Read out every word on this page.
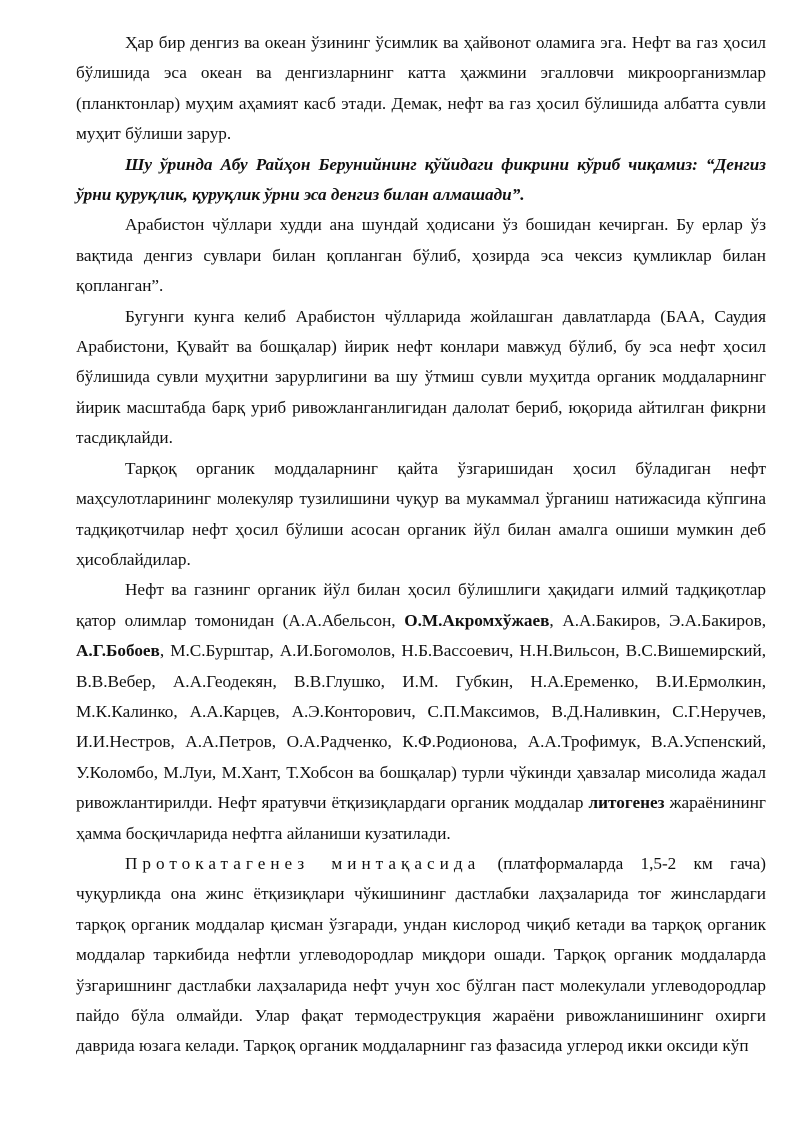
Ҳар бир денгиз ва океан ўзининг ўсимлик ва ҳайвонот оламига эга. Нефт ва газ ҳосил бўлишида эса океан ва денгизларнинг катта ҳажмини эгалловчи микроорганизмлар (планктонлар) муҳим аҳамият касб этади. Демак, нефт ва газ ҳосил бўлишида албатта сувли муҳит бўлиши зарур.

Шу ўринда Абу Райҳон Берунийнинг қўйидаги фикрини кўриб чиқамиз: “Денгиз ўрни қуруқлик, қуруқлик ўрни эса денгиз билан алмашади”.

Арабистон чўллари худди ана шундай ҳодисани ўз бошидан кечирган. Бу ерлар ўз вақтида денгиз сувлари билан қопланган бўлиб, ҳозирда эса чексиз қумликлар билан қопланган”.

Бугунги кунга келиб Арабистон чўлларида жойлашган давлатларда (БАА, Саудия Арабистони, Қувайт ва бошқалар) йирик нефт конлари мавжуд бўлиб, бу эса нефт ҳосил бўлишида сувли муҳитни зарурлигини ва шу ўтмиш сувли муҳитда органик моддаларнинг йирик масштабда барқ уриб ривожланганлигидан далолат бериб, юқорида айтилган фикрни тасдиқлайди.

Тарқоқ органик моддаларнинг қайта ўзгаришидан ҳосил бўладиган нефт маҳсулотларининг молекуляр тузилишини чуқур ва мукаммал ўрганиш натижасида кўпгина тадқиқотчилар нефт ҳосил бўлиши асосан органик йўл билан амалга ошиши мумкин деб ҳисоблайдилар.

Нефт ва газнинг органик йўл билан ҳосил бўлишлиги ҳақидаги илмий тадқиқотлар қатор олимлар томонидан (А.А.Абельсон, О.М.Акромхўжаев, А.А.Бакиров, Э.А.Бакиров, А.Г.Бобоев, М.С.Бурштар, А.И.Богомолов, Н.Б.Вассоевич, Н.Н.Вильсон, В.С.Вишемирский, В.В.Вебер, А.А.Геодекян, В.В.Глушко, И.М. Губкин, Н.А.Еременко, В.И.Ермолкин, М.К.Калинко, А.А.Карцев, А.Э.Конторович, С.П.Максимов, В.Д.Наливкин, С.Г.Неручев, И.И.Нестров, А.А.Петров, О.А.Радченко, К.Ф.Родионова, А.А.Трофимук, В.А.Успенский, У.Коломбо, М.Луи, М.Хант, Т.Хобсон ва бошқалар) турли чўкинди ҳавзалар мисолида жадал ривожлантирилди. Нефт яратувчи ётқизиқлардаги органик моддалар литогенез жараёнининг ҳамма босқичларида нефтга айланиши кузатилади.

Протокатагенез минтақасида (платформаларда 1,5-2 км гача) чуқурликда она жинс ётқизиқлари чўкишининг дастлабки лаҳзаларида тоғ жинслардаги тарқоқ органик моддалар қисман ўзгаради, ундан кислород чиқиб кетади ва тарқоқ органик моддалар таркибида нефтли углеводородлар миқдори ошади. Тарқоқ органик моддаларда ўзгаришнинг дастлабки лаҳзаларида нефт учун хос бўлган паст молекулали углеводородлар пайдо бўла олмайди. Улар фақат термодеструкция жараёни ривожланишининг охирги даврида юзага келади. Тарқоқ органик моддаларнинг газ фазасида углерод икки оксиди кўп
